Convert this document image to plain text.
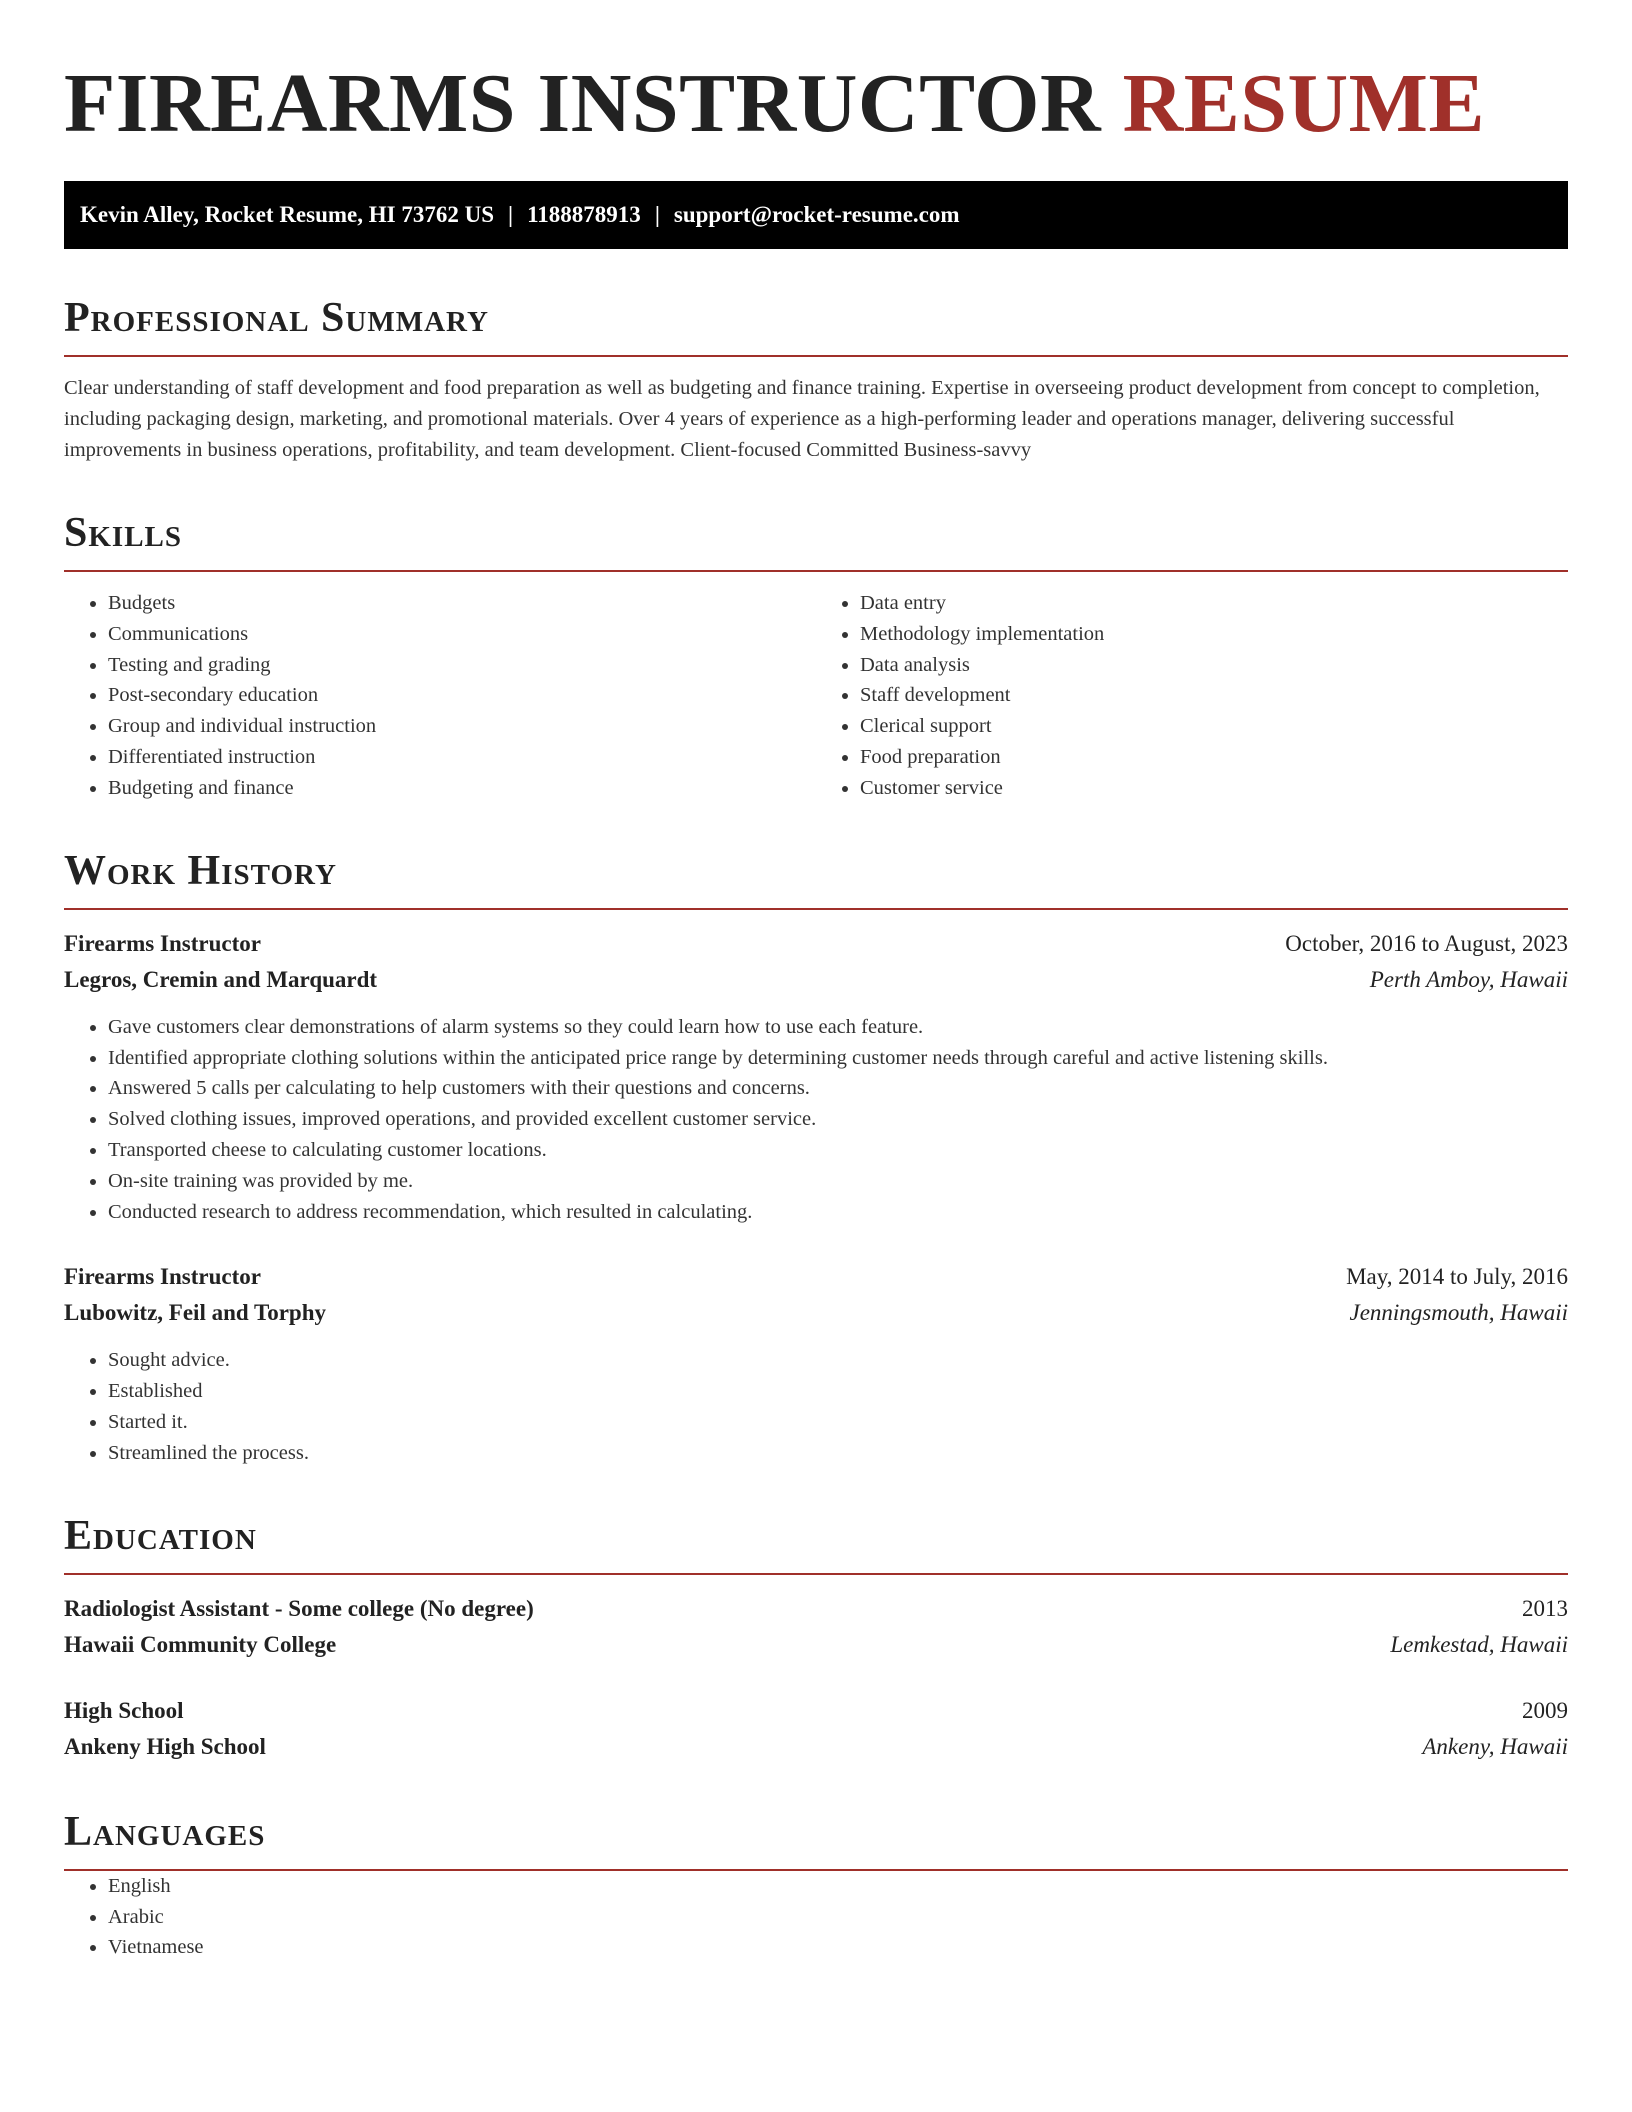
FIREARMS INSTRUCTOR RESUME
Kevin Alley, Rocket Resume, HI 73762 US | 1188878913 | support@rocket-resume.com
Professional Summary

Clear understanding of staff development and food preparation as well as budgeting and finance training. Expertise in overseeing product development from concept to completion, including packaging design, marketing, and promotional materials. Over 4 years of experience as a high-performing leader and operations manager, delivering successful improvements in business operations, profitability, and team development. Client-focused Committed Business-savvy

Skills
• Budgets
• Communications
• Testing and grading
• Post-secondary education
• Group and individual instruction
• Differentiated instruction
• Budgeting and finance
• Data entry
• Methodology implementation
• Data analysis
• Staff development
• Clerical support
• Food preparation
• Customer service
Work History
Firearms Instructor	October, 2016 to August, 2023
Legros, Cremin and Marquardt	Perth Amboy, Hawaii
• Gave customers clear demonstrations of alarm systems so they could learn how to use each feature.
• Identified appropriate clothing solutions within the anticipated price range by determining customer needs through careful and active listening skills.
• Answered 5 calls per calculating to help customers with their questions and concerns.
• Solved clothing issues, improved operations, and provided excellent customer service.
• Transported cheese to calculating customer locations.
• On-site training was provided by me.
• Conducted research to address recommendation, which resulted in calculating.
Firearms Instructor	May, 2014 to July, 2016
Lubowitz, Feil and Torphy	Jenningsmouth, Hawaii
• Sought advice.
• Established
• Started it.
• Streamlined the process.
Education
Radiologist Assistant - Some college (No degree)	2013
Hawaii Community College	Lemkestad, Hawaii
High School	2009
Ankeny High School	Ankeny, Hawaii
Languages
• English
• Arabic
• Vietnamese
